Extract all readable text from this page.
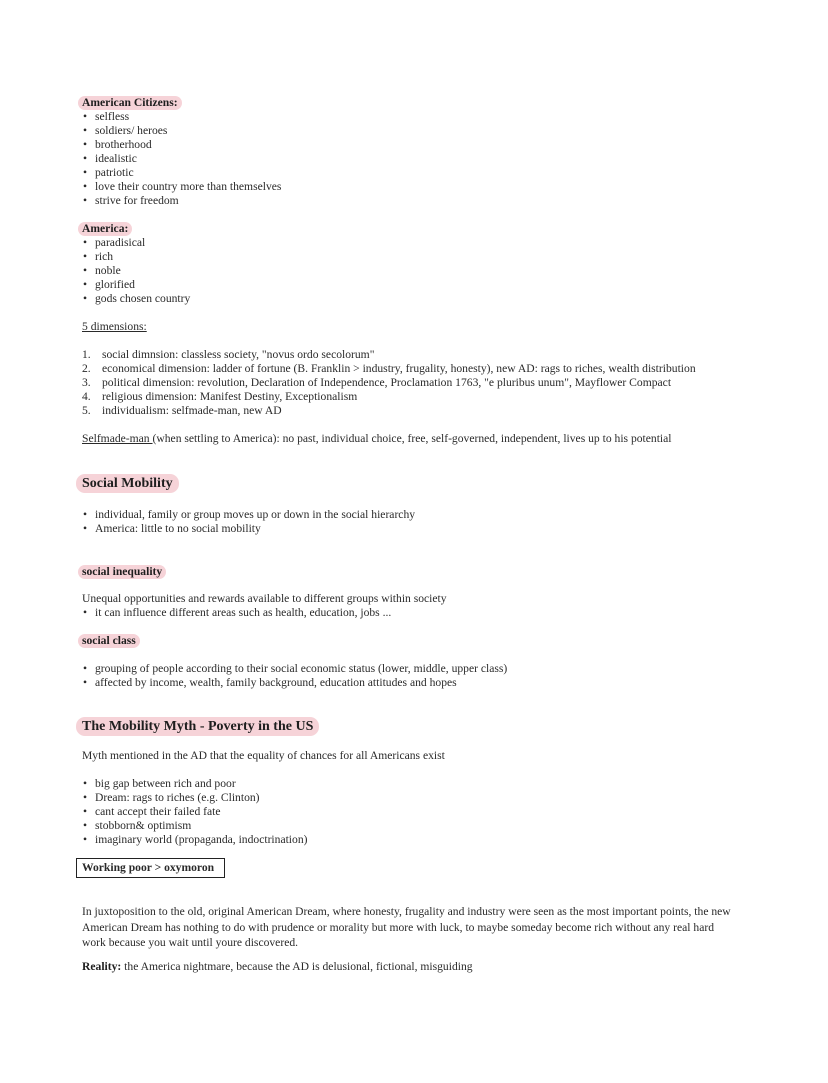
American Citizens:
• selfless
• soldiers/ heroes
• brotherhood
• idealistic
• patriotic
• love their country more than themselves
• strive for freedom
America:
• paradisical
• rich
• noble
• glorified
• gods chosen country

5 dimensions:

1. social dimnsion: classless society, "novus ordo secolorum"
2. economical dimension: ladder of fortune (B. Franklin > industry, frugality, honesty), new AD: rags to riches, wealth distribution
3. political dimension: revolution, Declaration of Independence, Proclamation 1763, "e pluribus unum", Mayflower Compact
4. religious dimension: Manifest Destiny, Exceptionalism
5. individualism: selfmade-man, new AD
Selfmade-man (when settling to America): no past, individual choice, free, self-governed, independent, lives up to his potential
Social Mobility
• individual, family or group moves up or down in the social hierarchy
• America: little to no social mobility
social inequality

Unequal opportunities and rewards available to different groups within society

• it can influence different areas such as health, education, jobs ...
social class
• grouping of people according to their social economic status (lower, middle, upper class)
• affected by income, wealth, family background, education attitudes and hopes
The Mobility Myth - Poverty in the US

Myth mentioned in the AD that the equality of chances for all Americans exist

• big gap between rich and poor
• Dream: rags to riches (e.g. Clinton)
• cant accept their failed fate
• stobborn& optimism
• imaginary world (propaganda, indoctrination)
Working poor > oxymoron

In juxtoposition to the old, original American Dream, where honesty, frugality and industry were seen as the most important points, the new American Dream has nothing to do with prudence or morality but more with luck, to maybe someday become rich without any real hard work because you wait until youre discovered.

Reality: the America nightmare, because the AD is delusional, fictional, misguiding
